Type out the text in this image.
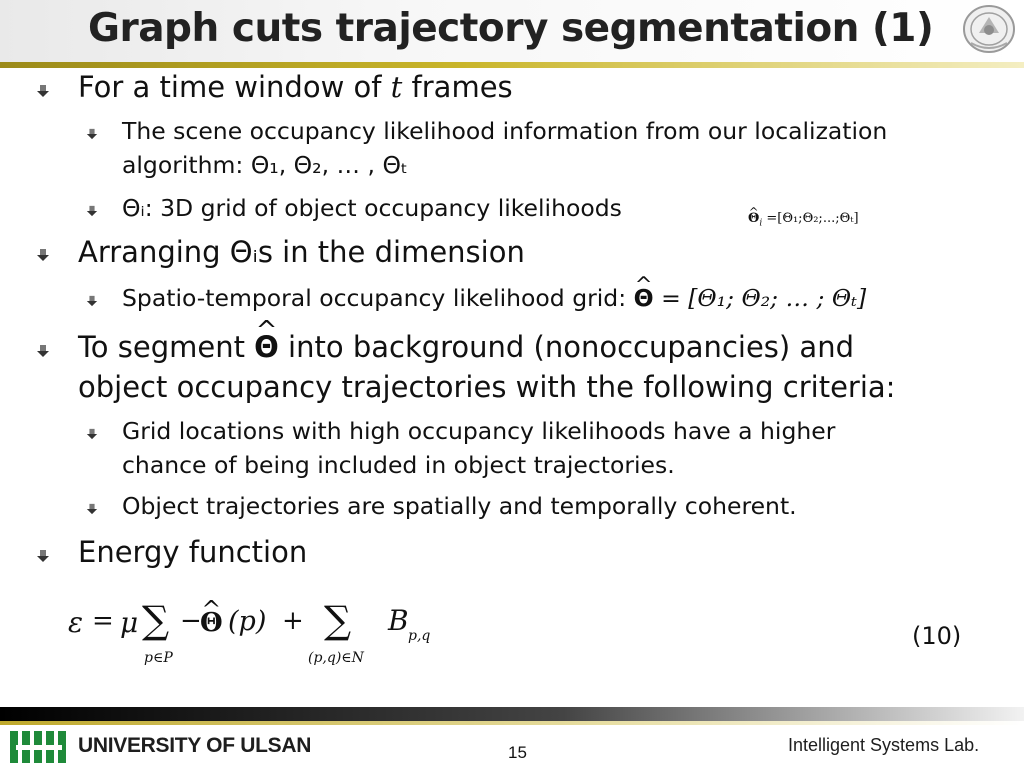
Graph cuts trajectory segmentation (1)
For a time window of t frames
The scene occupancy likelihood information from our localization
algorithm: Θ₁, Θ₂, … , Θₜ
Θᵢ: 3D grid of object occupancy likelihoods
^	$\Theta_i$ =[Θ₁;Θ₂;...;Θₜ]
Arranging Θᵢs in the dimension
Spatio-temporal occupancy likelihood grid: ^ Θ = [Θ₁; Θ₂; … ; Θₜ]
To segment ^ Θ into background (nonoccupancies) and
object occupancy trajectories with the following criteria:
Grid locations with high occupancy likelihoods have a higher
chance of being included in object trajectories.
Object trajectories are spatially and temporally coherent.
Energy function
ε = μ ∑
p∈P
−
^ Θ (p) + ∑
(p,q)∈N
B p,q	(10)
UNIVERSITY OF ULSAN	15	Intelligent Systems Lab.
